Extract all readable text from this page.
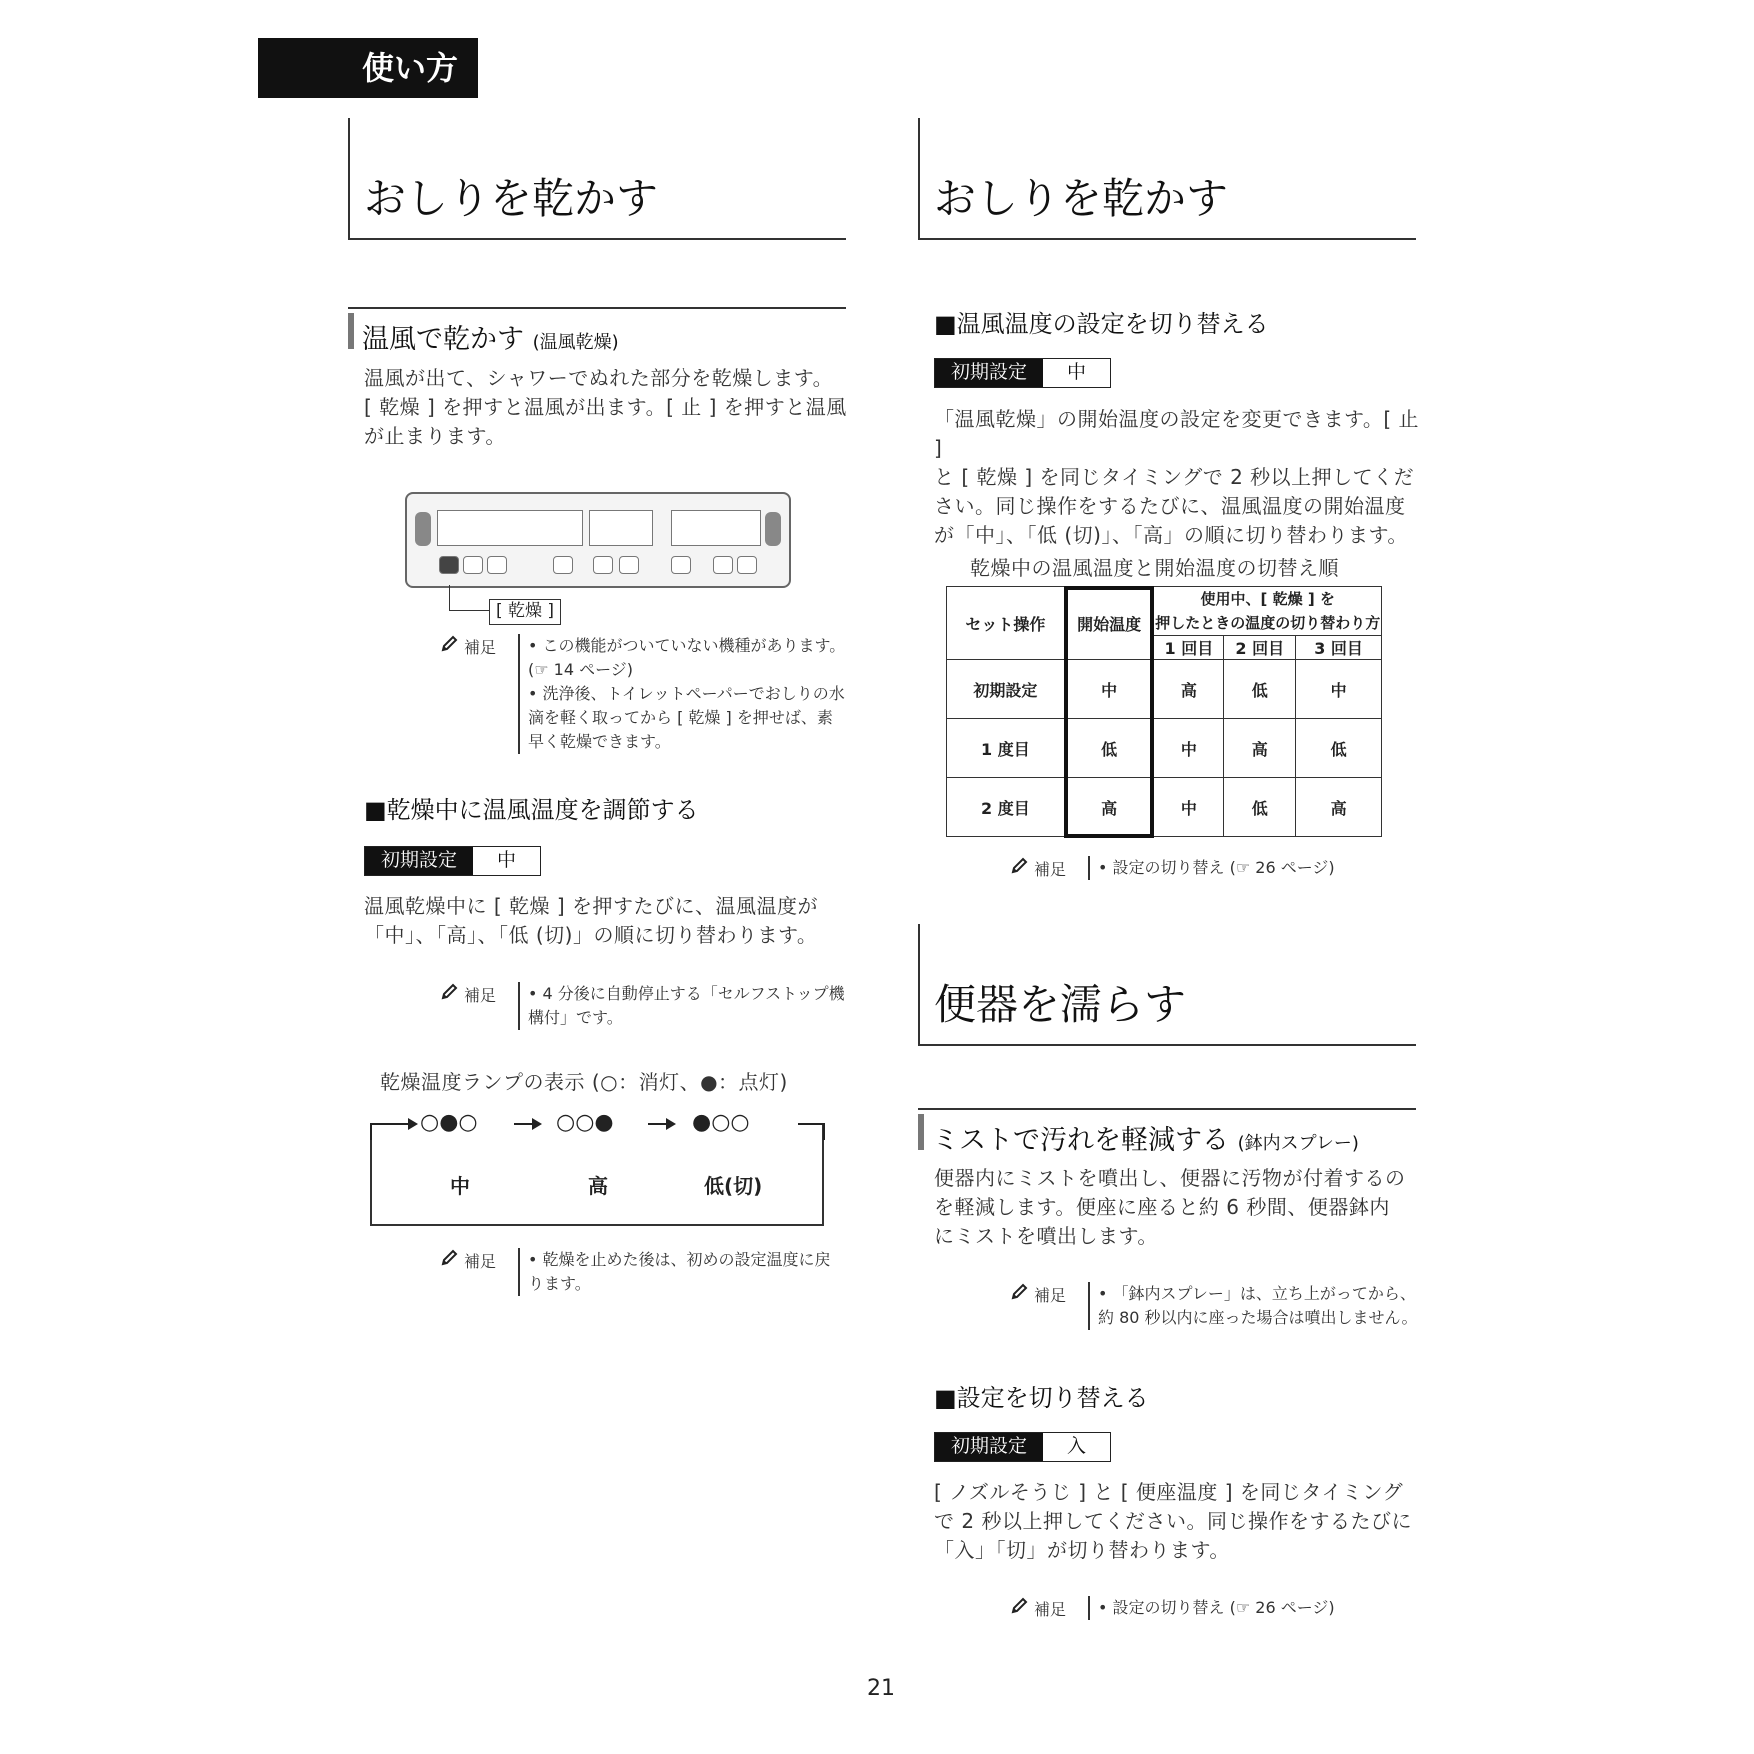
使い方
おしりを乾かす
温風で乾かす (温風乾燥)
温風が出て、シャワーでぬれた部分を乾燥します。
[ 乾燥 ] を押すと温風が出ます。[ 止 ] を押すと温風
が止まります。
[ 乾燥 ]
補足 • この機能がついていない機種があります。
(☞ 14 ページ)
• 洗浄後、トイレットペーパーでおしりの水
滴を軽く取ってから [ 乾燥 ] を押せば、素
早く乾燥できます。
■乾燥中に温風温度を調節する
初期設定	中
温風乾燥中に [ 乾燥 ] を押すたびに、温風温度が
「中」、「高」、「低 (切)」の順に切り替わります。
補足 • 4 分後に自動停止する「セルフストップ機
構付」です。
乾燥温度ランプの表示 (○：消灯、●：点灯)
○●○	○○●	●○○
中	高	低(切)
補足 • 乾燥を止めた後は、初めの設定温度に戻
ります。
おしりを乾かす
■温風温度の設定を切り替える
初期設定	中
「温風乾燥」の開始温度の設定を変更できます。[ 止 ]
と [ 乾燥 ] を同じタイミングで 2 秒以上押してくだ
さい。同じ操作をするたびに、温風温度の開始温度
が「中」、「低 (切)」、「高」の順に切り替わります。
乾燥中の温風温度と開始温度の切替え順
セット操作	開始温度	使用中、[ 乾燥 ] を
押したときの温度の切り替わり方		

		1 回目	2 回目	3 回目
初期設定	中	高	低	中
1 度目	低	中	高	低
2 度目	高	中	低	高
補足 • 設定の切り替え (☞ 26 ページ)
便器を濡らす
ミストで汚れを軽減する (鉢内スプレー)
便器内にミストを噴出し、便器に汚物が付着するの
を軽減します。便座に座ると約 6 秒間、便器鉢内
にミストを噴出します。
補足 • 「鉢内スプレー」は、立ち上がってから、
約 80 秒以内に座った場合は噴出しません。
■設定を切り替える
初期設定	入
[ ノズルそうじ ] と [ 便座温度 ] を同じタイミング
で 2 秒以上押してください。同じ操作をするたびに
「入」「切」が切り替わります。
補足 • 設定の切り替え (☞ 26 ページ)
21
